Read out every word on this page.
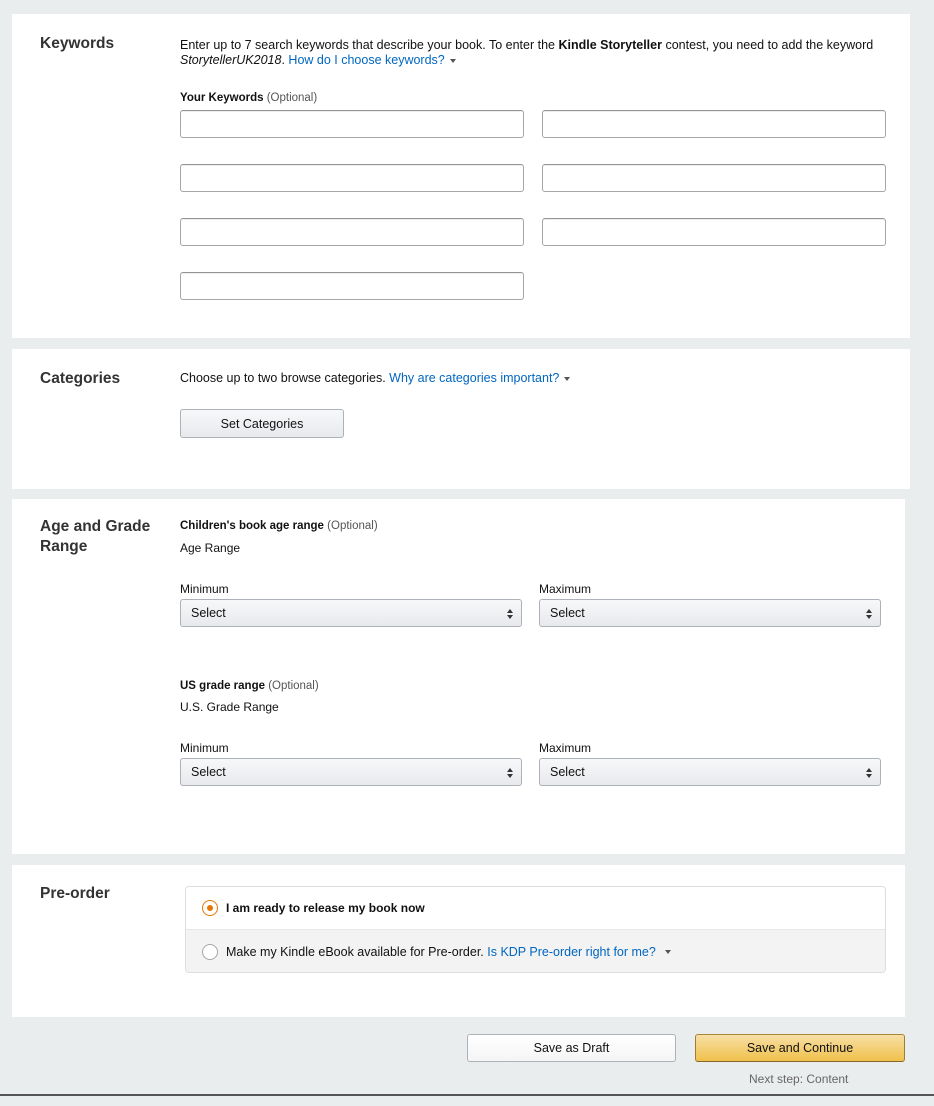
Keywords	Enter up to 7 search keywords that describe your book. To enter the Kindle Storyteller contest, you need to add the keyword
StorytellerUK2018. How do I choose keywords?
Your Keywords (Optional)
Categories	Choose up to two browse categories. Why are categories important?
Set Categories
Age and Grade
Range
Children's book age range (Optional)
Age Range
Minimum	Maximum
Select	Select
US grade range (Optional)
U.S. Grade Range
Minimum	Maximum
Select	Select
Pre-order
I am ready to release my book now
Make my Kindle eBook available for Pre-order. Is KDP Pre-order right for me?
Save as Draft	Save and Continue
Next step: Content
